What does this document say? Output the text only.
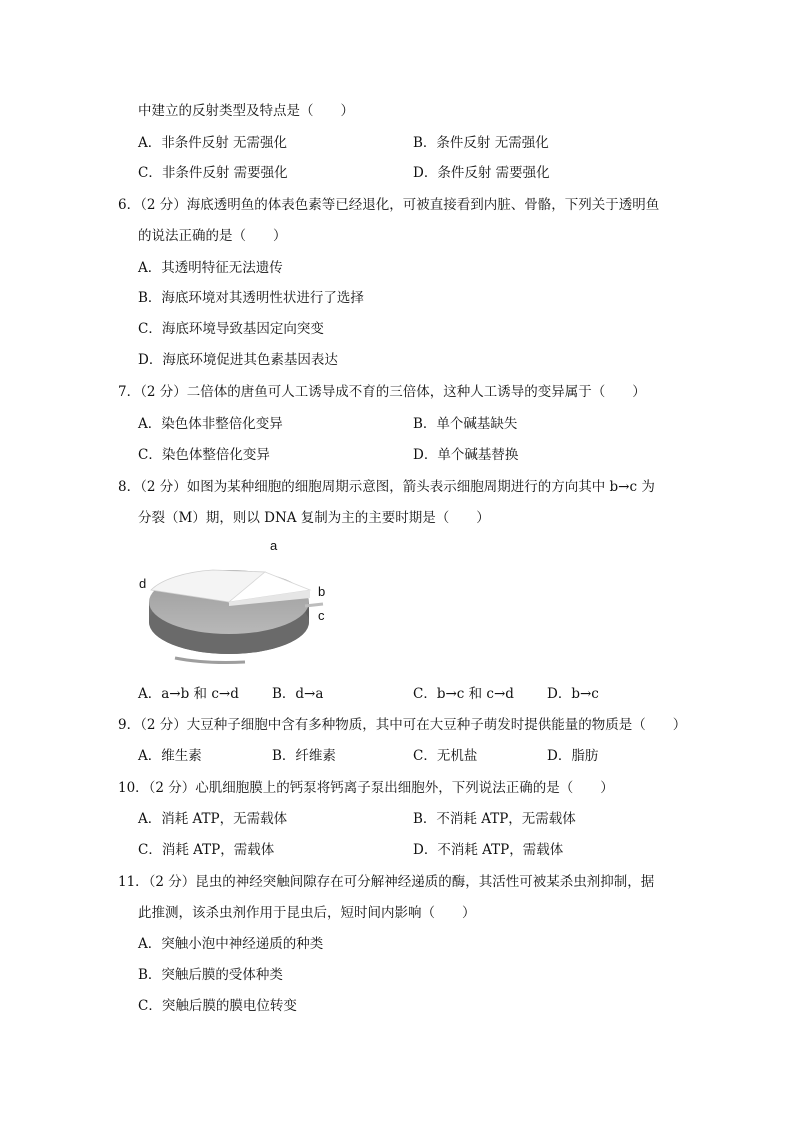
中建立的反射类型及特点是（　　）
A．非条件反射 无需强化	B．条件反射 无需强化
C．非条件反射 需要强化	D．条件反射 需要强化
6．（2 分）海底透明鱼的体表色素等已经退化，可被直接看到内脏、骨骼，下列关于透明鱼
的说法正确的是（　　）
A．其透明特征无法遗传
B．海底环境对其透明性状进行了选择
C．海底环境导致基因定向突变
D．海底环境促进其色素基因表达
7．（2 分）二倍体的唐鱼可人工诱导成不育的三倍体，这种人工诱导的变异属于（　　）
A．染色体非整倍化变异	B．单个碱基缺失
C．染色体整倍化变异	D．单个碱基替换
8．（2 分）如图为某种细胞的细胞周期示意图，箭头表示细胞周期进行的方向其中 b→c 为
分裂（M）期，则以 DNA 复制为主的主要时期是（　　）
a
b
c
d
A．a→b 和 c→d B．d→a	C．b→c 和 c→d D．b→c
9．（2 分）大豆种子细胞中含有多种物质，其中可在大豆种子萌发时提供能量的物质是（　　）
A．维生素	B．纤维素	C．无机盐	D．脂肪
10．（2 分）心肌细胞膜上的钙泵将钙离子泵出细胞外，下列说法正确的是（　　）
A．消耗 ATP，无需载体	B．不消耗 ATP，无需载体
C．消耗 ATP，需载体	D．不消耗 ATP，需载体
11．（2 分）昆虫的神经突触间隙存在可分解神经递质的酶，其活性可被某杀虫剂抑制，据
此推测，该杀虫剂作用于昆虫后，短时间内影响（　　）
A．突触小泡中神经递质的种类
B．突触后膜的受体种类
C．突触后膜的膜电位转变
